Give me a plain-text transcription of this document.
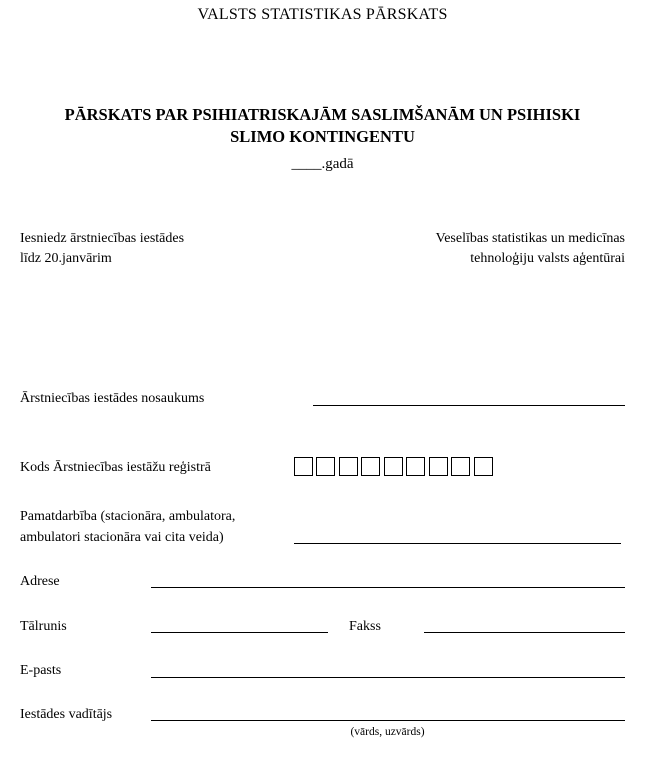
VALSTS STATISTIKAS PĀRSKATS
PĀRSKATS PAR PSIHIATRISKAJĀM SASLIMŠANĀM UN PSIHISKI
SLIMO KONTINGENTU
____.gadā
Iesniedz ārstniecības iestādes
līdz 20.janvārim
Veselības statistikas un medicīnas
tehnoloģiju valsts aģentūrai
Ārstniecības iestādes nosaukums
Kods Ārstniecības iestāžu reģistrā
Pamatdarbība (stacionāra, ambulatora,
ambulatori stacionāra vai cita veida)
Adrese
Tālrunis	Fakss
E-pasts
Iestādes vadītājs
(vārds, uzvārds)
